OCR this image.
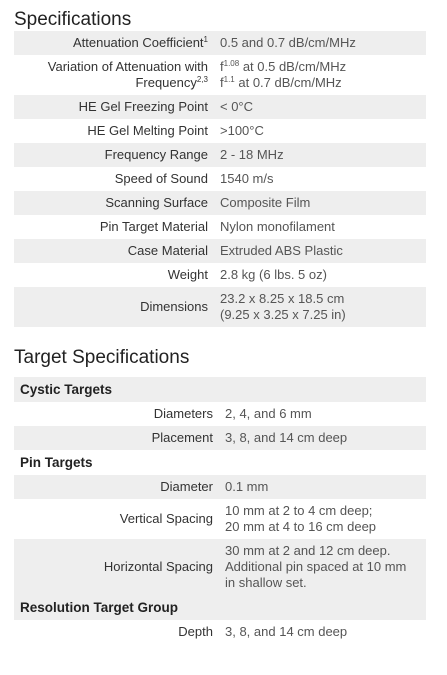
Specifications
Attenuation Coefficient$^1$	0.5 and 0.7 dB/cm/MHz

Variation of Attenuation with
Frequency$^{2,3}$	$f^{1.08}$ at 0.5 dB/cm/MHz
$f^{1.1}$ at 0.7 dB/cm/MHz

HE Gel Freezing Point	< 0°C
HE Gel Melting Point	>100°C
Frequency Range	2 - 18 MHz
Speed of Sound	1540 m/s
Scanning Surface	Composite Film
Pin Target Material	Nylon monofilament
Case Material	Extruded ABS Plastic
Weight	2.8 kg (6 lbs. 5 oz)
Dimensions	23.2 x 8.25 x 18.5 cm
(9.25 x 3.25 x 7.25 in)
Target Specifications
Cystic Targets	
Diameters	2, 4, and 6 mm
Placement	3, 8, and 14 cm deep
Pin Targets	
Diameter	0.1 mm
Vertical Spacing	10 mm at 2 to 4 cm deep;
20 mm at 4 to 16 cm deep

Horizontal Spacing	30 mm at 2 and 12 cm deep.
Additional pin spaced at 10 mm
in shallow set.

Resolution Target Group	
Depth	3, 8, and 14 cm deep
